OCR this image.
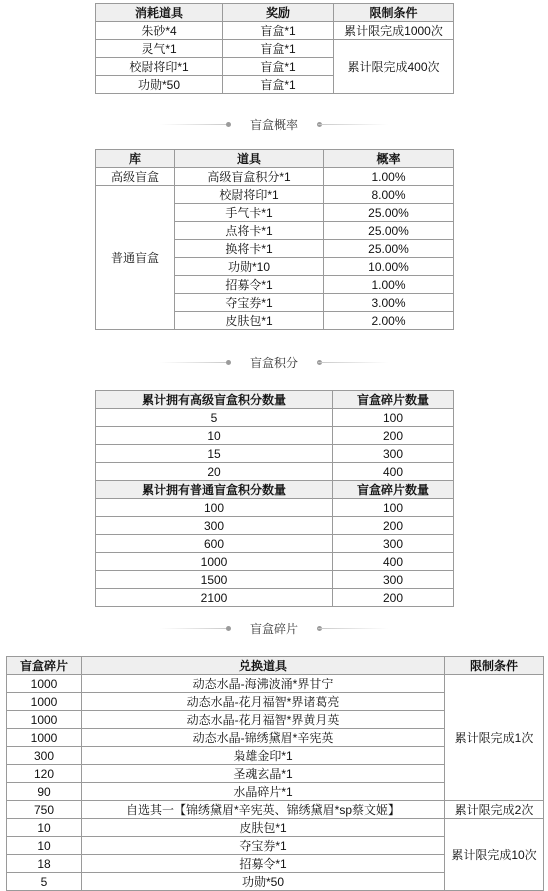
消耗道具	奖励	限制条件
朱砂*4	盲盒*1	累计限完成1000次
灵气*1	盲盒*1	累计限完成400次
校尉将印*1	盲盒*1	
功勋*50	盲盒*1	
盲盒概率
库	道具	概率
高级盲盒	高级盲盒积分*1	1.00%
普通盲盒	校尉将印*1	8.00%
	手气卡*1	25.00%
	点将卡*1	25.00%
	换将卡*1	25.00%
	功勋*10	10.00%
	招募令*1	1.00%
	夺宝券*1	3.00%
	皮肤包*1	2.00%
盲盒积分
累计拥有高级盲盒积分数量	盲盒碎片数量
5	100
10	200
15	300
20	400
累计拥有普通盲盒积分数量	盲盒碎片数量
100	100
300	200
600	300
1000	400
1500	300
2100	200
盲盒碎片
盲盒碎片	兑换道具	限制条件
1000	动态水晶-海沸波涌*界甘宁	累计限完成1次
1000	动态水晶-花月福智*界诸葛亮	
1000	动态水晶-花月福智*界黄月英	
1000	动态水晶-锦绣黛眉*辛宪英	
300	枭雄金印*1	
120	圣魂玄晶*1	
90	水晶碎片*1	
750	自选其一【锦绣黛眉*辛宪英、锦绣黛眉*sp蔡文姬】	累计限完成2次
10	皮肤包*1	累计限完成10次
10	夺宝券*1	
18	招募令*1	
5	功勋*50	
